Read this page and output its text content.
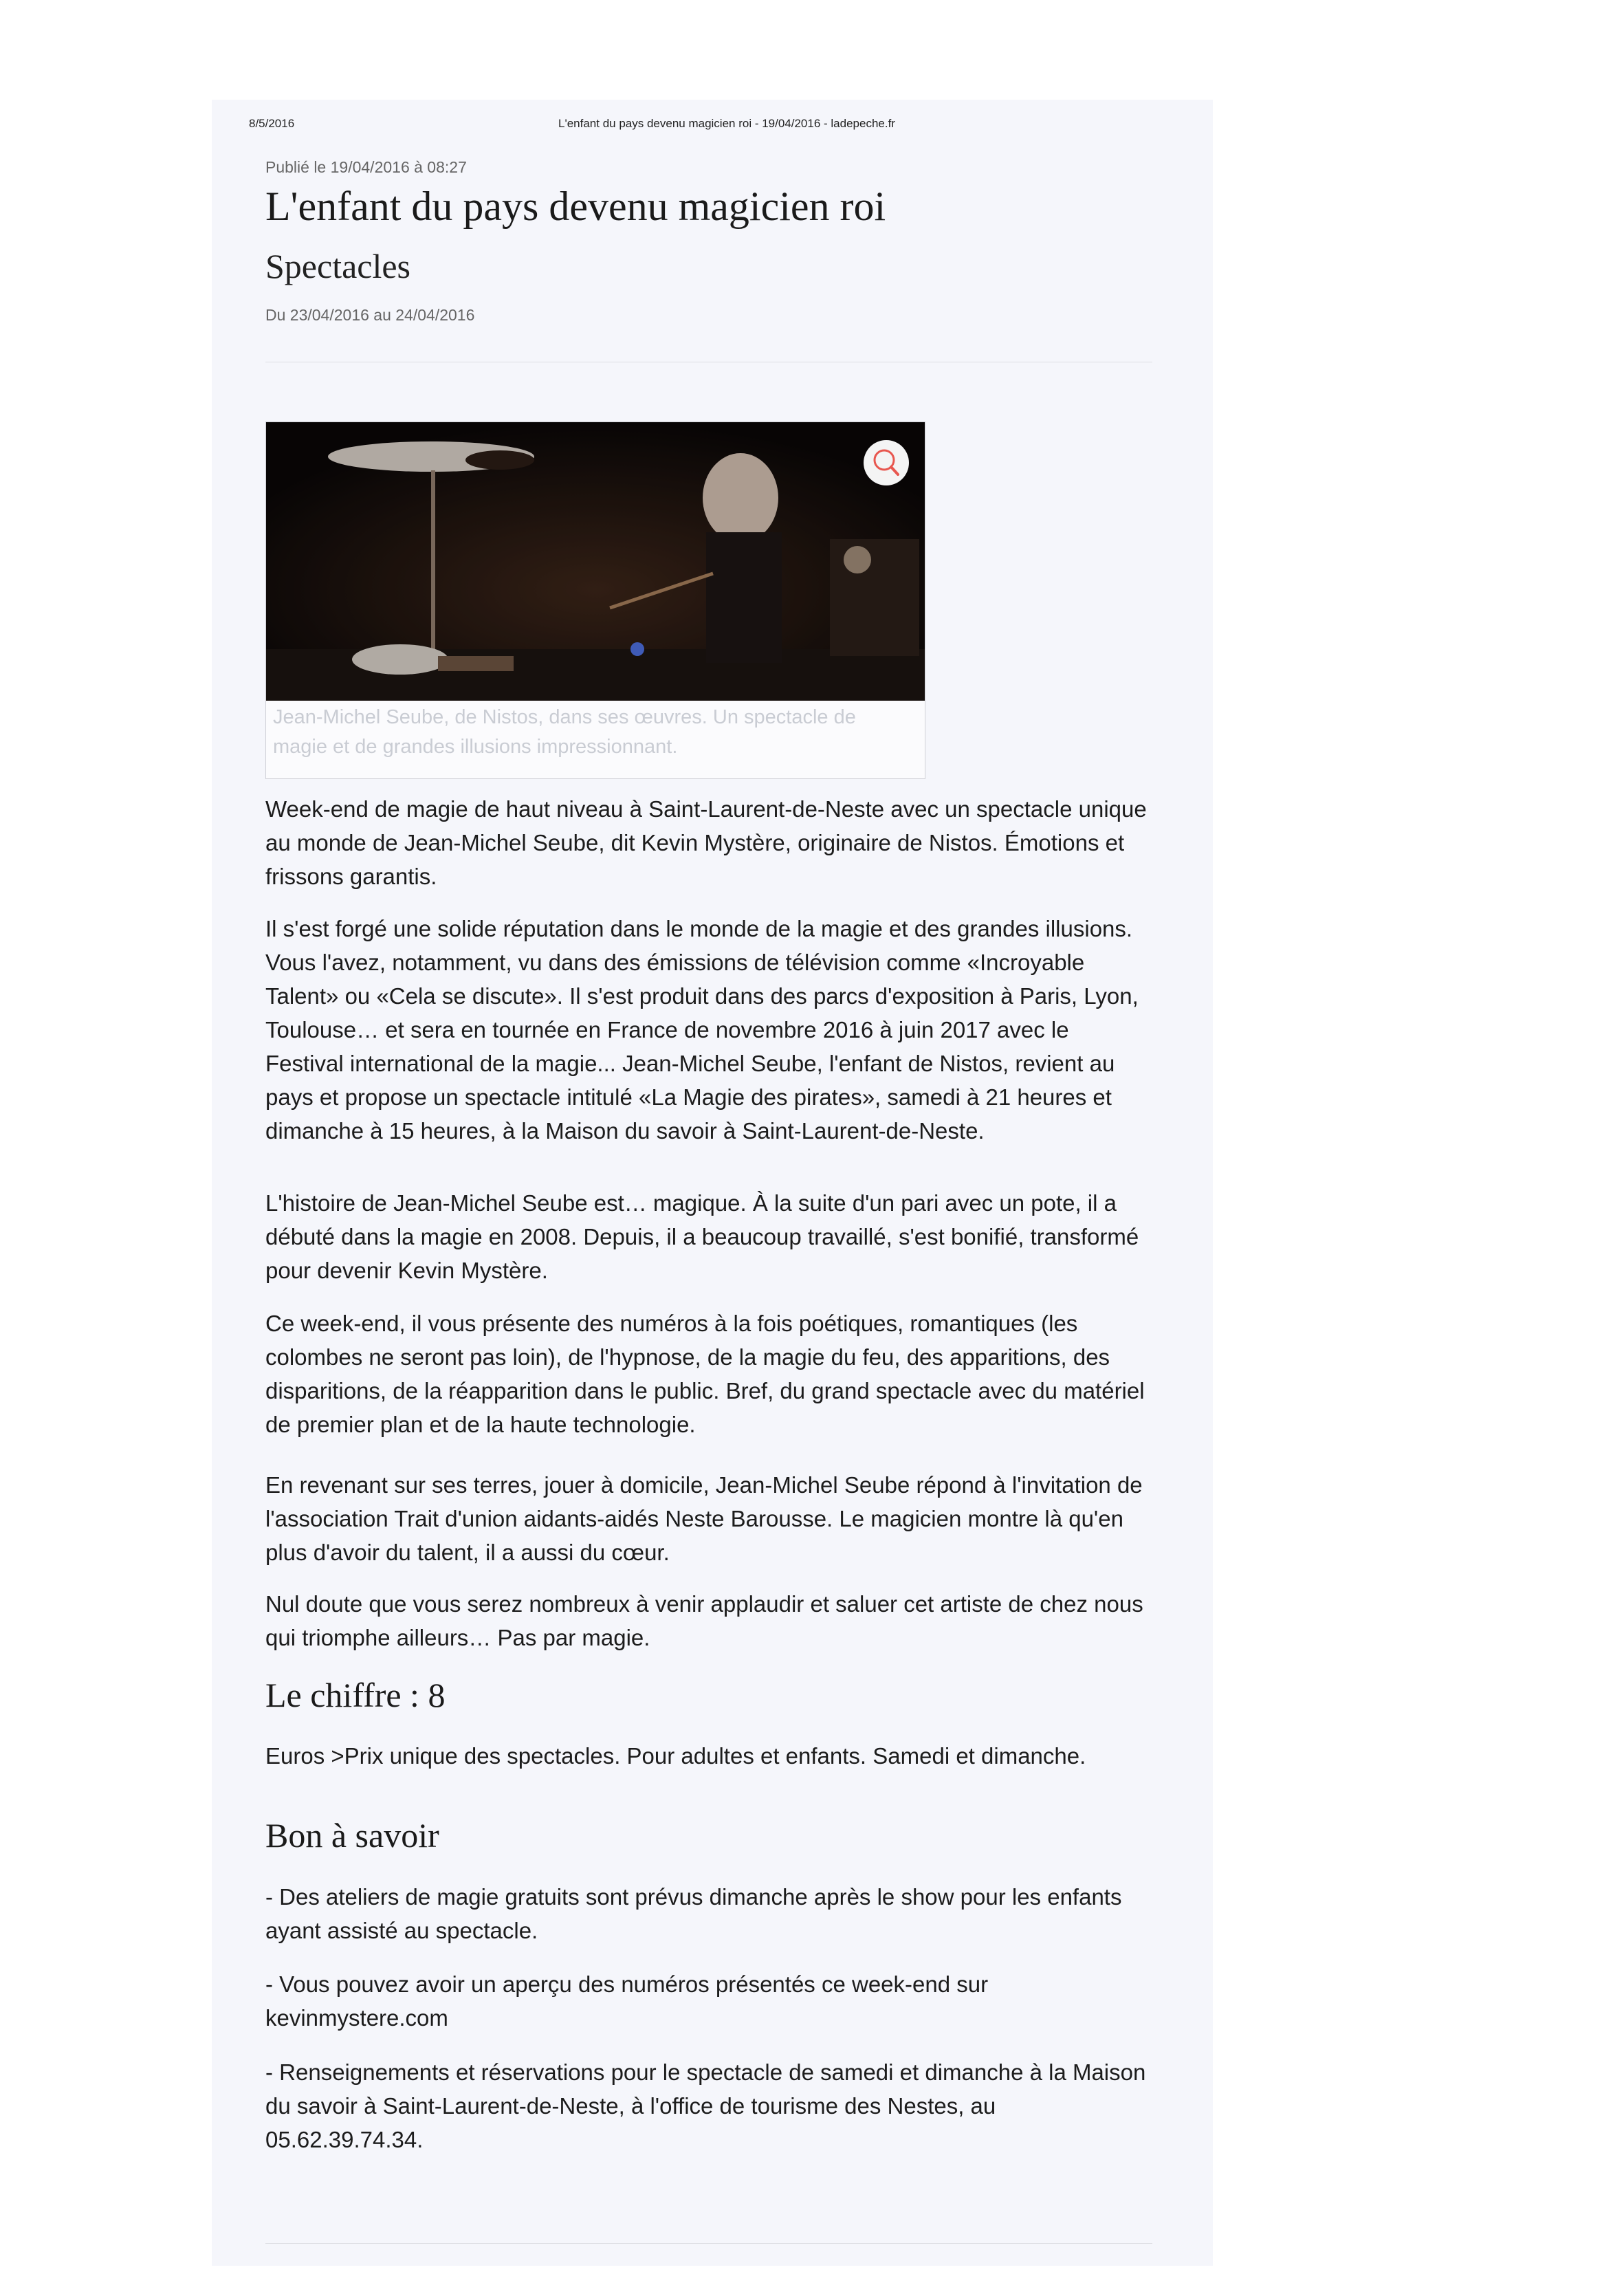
8/5/2016	L'enfant du pays devenu magicien roi - 19/04/2016 - ladepeche.fr

Publié le 19/04/2016 à 08:27

L'enfant du pays devenu magicien roi
Spectacles

Du 23/04/2016 au 24/04/2016

Jean-Michel Seube, de Nistos, dans ses œuvres. Un spectacle de magie et de grandes illusions impressionnant.

Week-end de magie de haut niveau à Saint-Laurent-de-Neste avec un spectacle unique au monde de Jean-Michel Seube, dit Kevin Mystère, originaire de Nistos. Émotions et frissons garantis.

Il s'est forgé une solide réputation dans le monde de la magie et des grandes illusions. Vous l'avez, notamment, vu dans des émissions de télévision comme «Incroyable Talent» ou «Cela se discute». Il s'est produit dans des parcs d'exposition à Paris, Lyon, Toulouse… et sera en tournée en France de novembre 2016 à juin 2017 avec le Festival international de la magie... Jean-Michel Seube, l'enfant de Nistos, revient au pays et propose un spectacle intitulé «La Magie des pirates», samedi à 21 heures et dimanche à 15 heures, à la Maison du savoir à Saint-Laurent-de-Neste.

L'histoire de Jean-Michel Seube est… magique. À la suite d'un pari avec un pote, il a débuté dans la magie en 2008. Depuis, il a beaucoup travaillé, s'est bonifié, transformé pour devenir Kevin Mystère.

Ce week-end, il vous présente des numéros à la fois poétiques, romantiques (les colombes ne seront pas loin), de l'hypnose, de la magie du feu, des apparitions, des disparitions, de la réapparition dans le public. Bref, du grand spectacle avec du matériel de premier plan et de la haute technologie.

En revenant sur ses terres, jouer à domicile, Jean-Michel Seube répond à l'invitation de l'association Trait d'union aidants-aidés Neste Barousse. Le magicien montre là qu'en plus d'avoir du talent, il a aussi du cœur.

Nul doute que vous serez nombreux à venir applaudir et saluer cet artiste de chez nous qui triomphe ailleurs… Pas par magie.

Le chiffre : 8

Euros >Prix unique des spectacles. Pour adultes et enfants. Samedi et dimanche.

Bon à savoir

- Des ateliers de magie gratuits sont prévus dimanche après le show pour les enfants ayant assisté au spectacle.

- Vous pouvez avoir un aperçu des numéros présentés ce week-end sur kevinmystere.com

- Renseignements et réservations pour le spectacle de samedi et dimanche à la Maison du savoir à Saint-Laurent-de-Neste, à l'office de tourisme des Nestes, au 05.62.39.74.34.
